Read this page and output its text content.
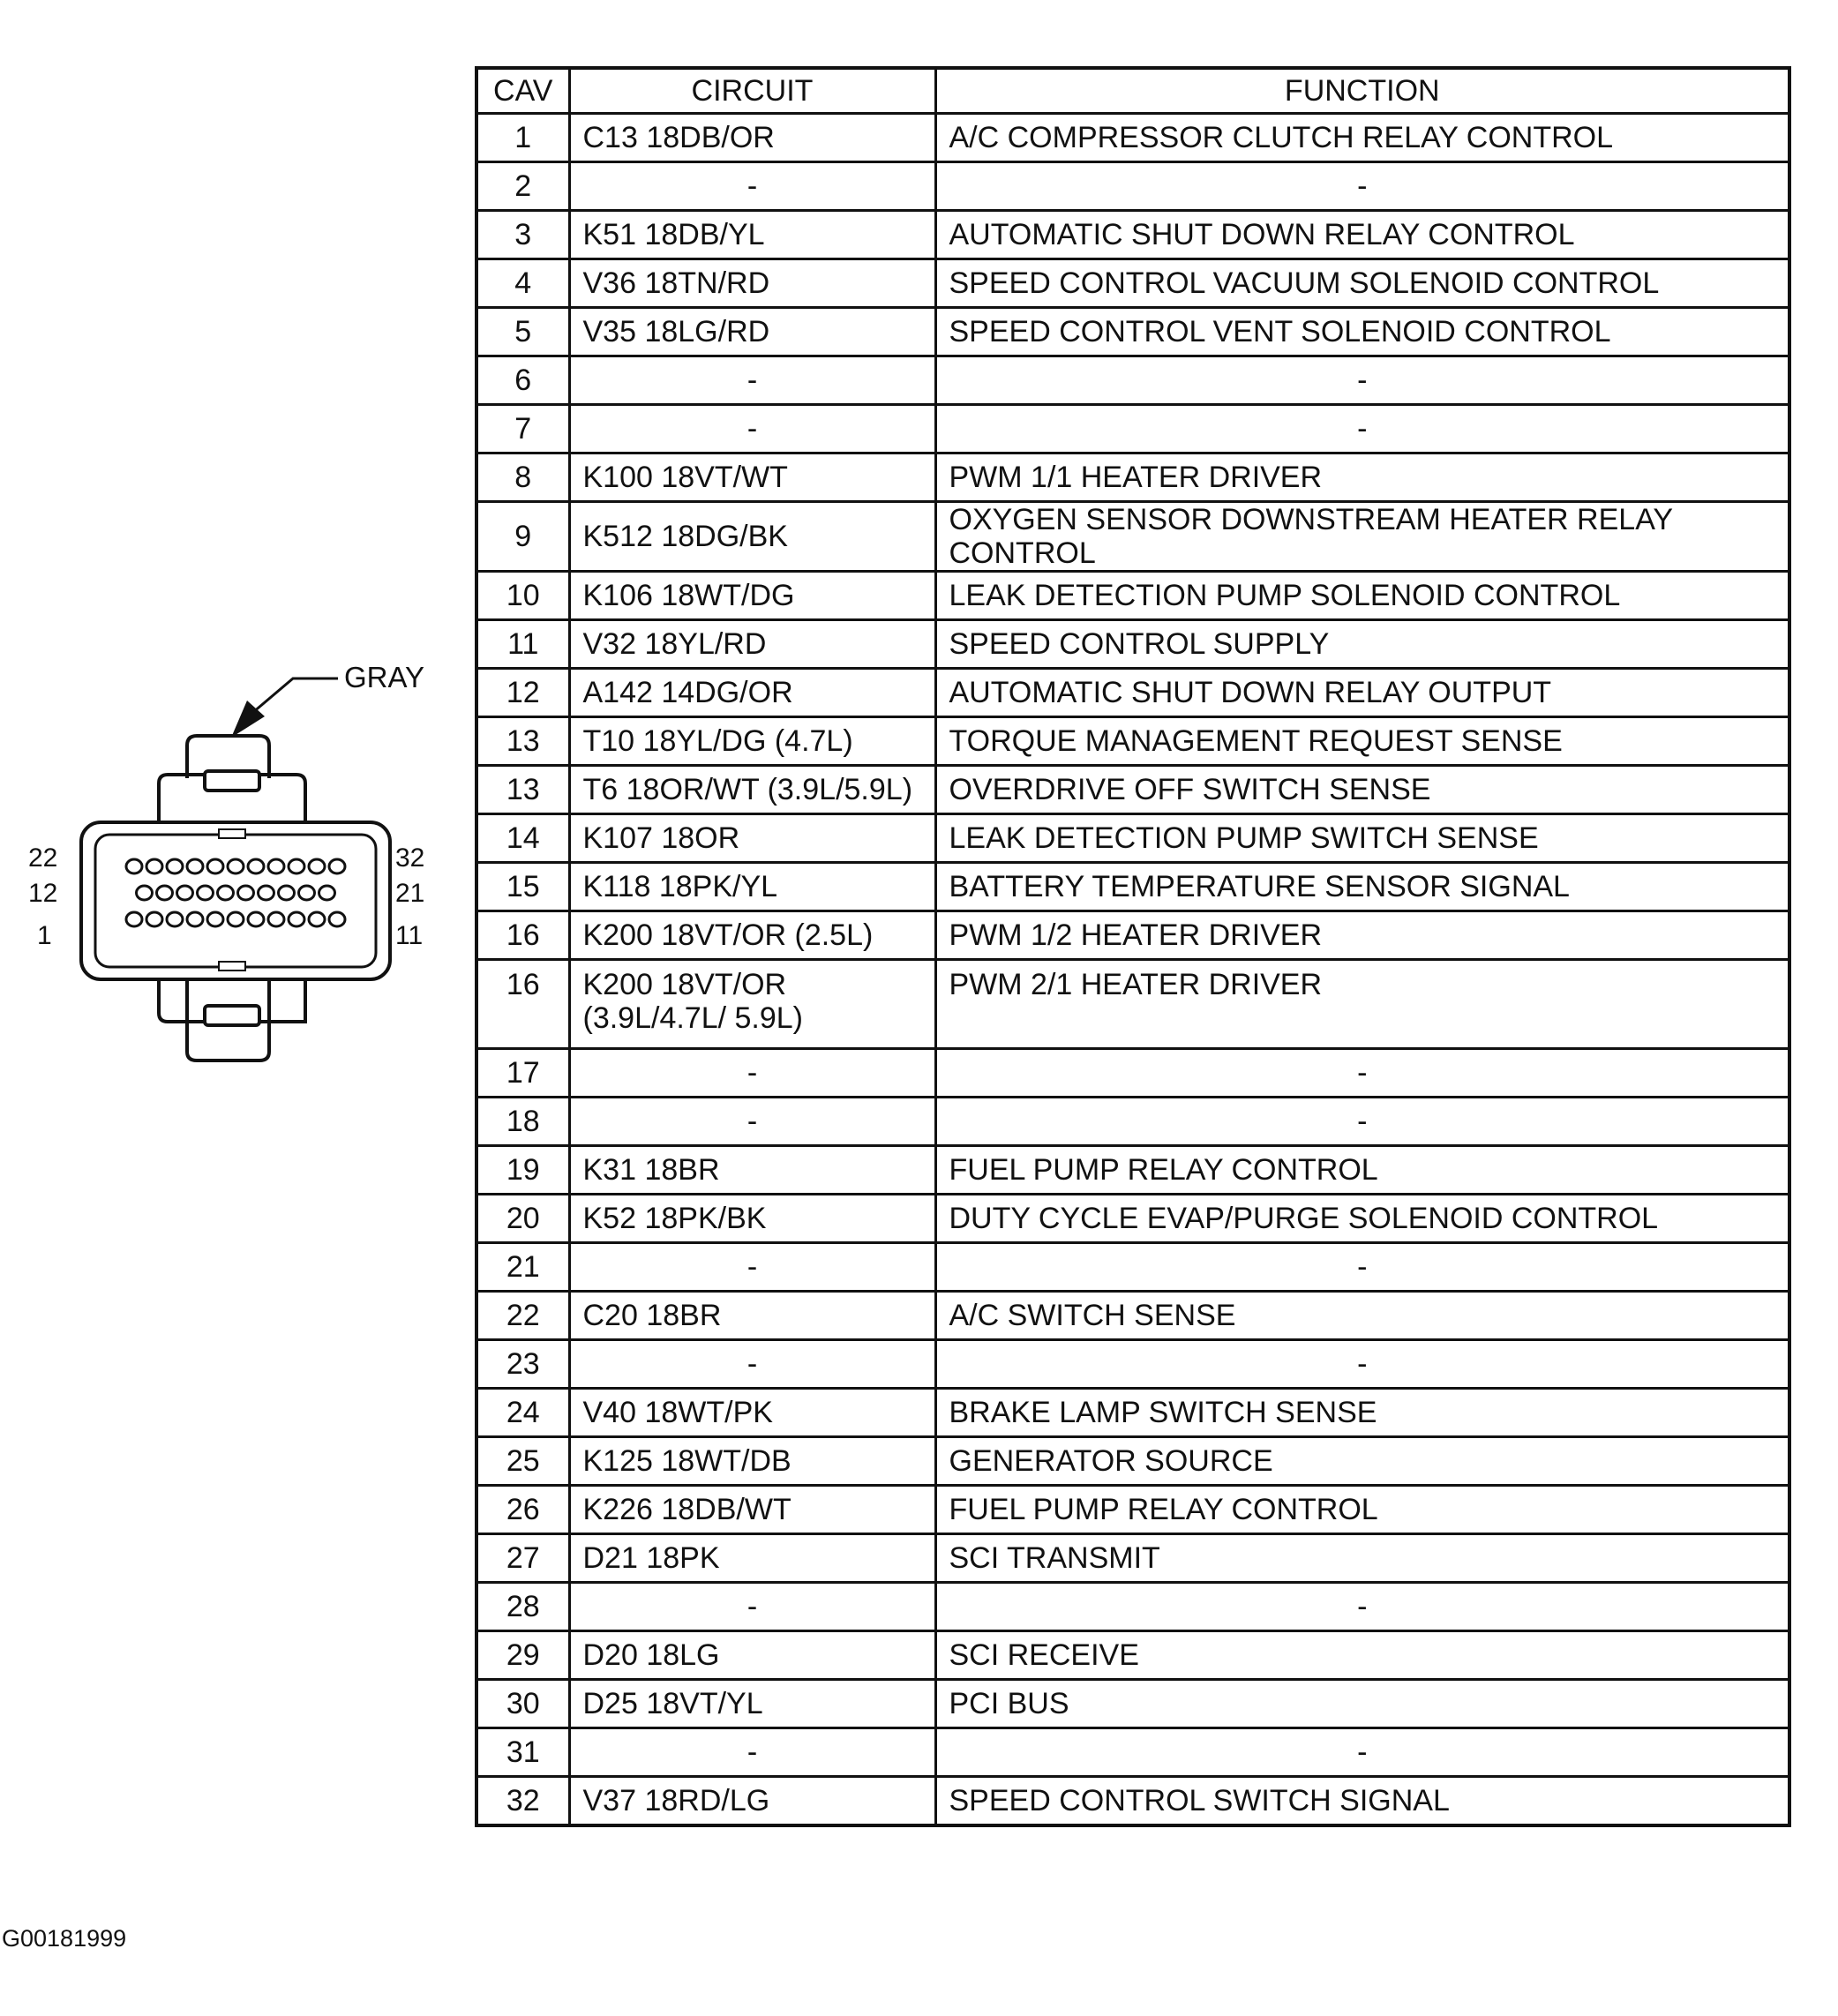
GRAY
22
12
1
32
21
11
CAV	CIRCUIT	FUNCTION
1	C13 18DB/OR	A/C COMPRESSOR CLUTCH RELAY CONTROL
2	-	-
3	K51 18DB/YL	AUTOMATIC SHUT DOWN RELAY CONTROL
4	V36 18TN/RD	SPEED CONTROL VACUUM SOLENOID CONTROL
5	V35 18LG/RD	SPEED CONTROL VENT SOLENOID CONTROL
6	-	-
7	-	-
8	K100 18VT/WT	PWM 1/1 HEATER DRIVER
9	K512 18DG/BK	OXYGEN SENSOR DOWNSTREAM HEATER RELAY CONTROL
10	K106 18WT/DG	LEAK DETECTION PUMP SOLENOID CONTROL
11	V32 18YL/RD	SPEED CONTROL SUPPLY
12	A142 14DG/OR	AUTOMATIC SHUT DOWN RELAY OUTPUT
13	T10 18YL/DG (4.7L)	TORQUE MANAGEMENT REQUEST SENSE
13	T6 18OR/WT (3.9L/5.9L)	OVERDRIVE OFF SWITCH SENSE
14	K107 18OR	LEAK DETECTION PUMP SWITCH SENSE
15	K118 18PK/YL	BATTERY TEMPERATURE SENSOR SIGNAL
16	K200 18VT/OR (2.5L)	PWM 1/2 HEATER DRIVER
16	K200 18VT/OR (3.9L/4.7L/ 5.9L)	PWM 2/1 HEATER DRIVER
17	-	-
18	-	-
19	K31 18BR	FUEL PUMP RELAY CONTROL
20	K52 18PK/BK	DUTY CYCLE EVAP/PURGE SOLENOID CONTROL
21	-	-
22	C20 18BR	A/C SWITCH SENSE
23	-	-
24	V40 18WT/PK	BRAKE LAMP SWITCH SENSE
25	K125 18WT/DB	GENERATOR SOURCE
26	K226 18DB/WT	FUEL PUMP RELAY CONTROL
27	D21 18PK	SCI TRANSMIT
28	-	-
29	D20 18LG	SCI RECEIVE
30	D25 18VT/YL	PCI BUS
31	-	-
32	V37 18RD/LG	SPEED CONTROL SWITCH SIGNAL
G00181999
